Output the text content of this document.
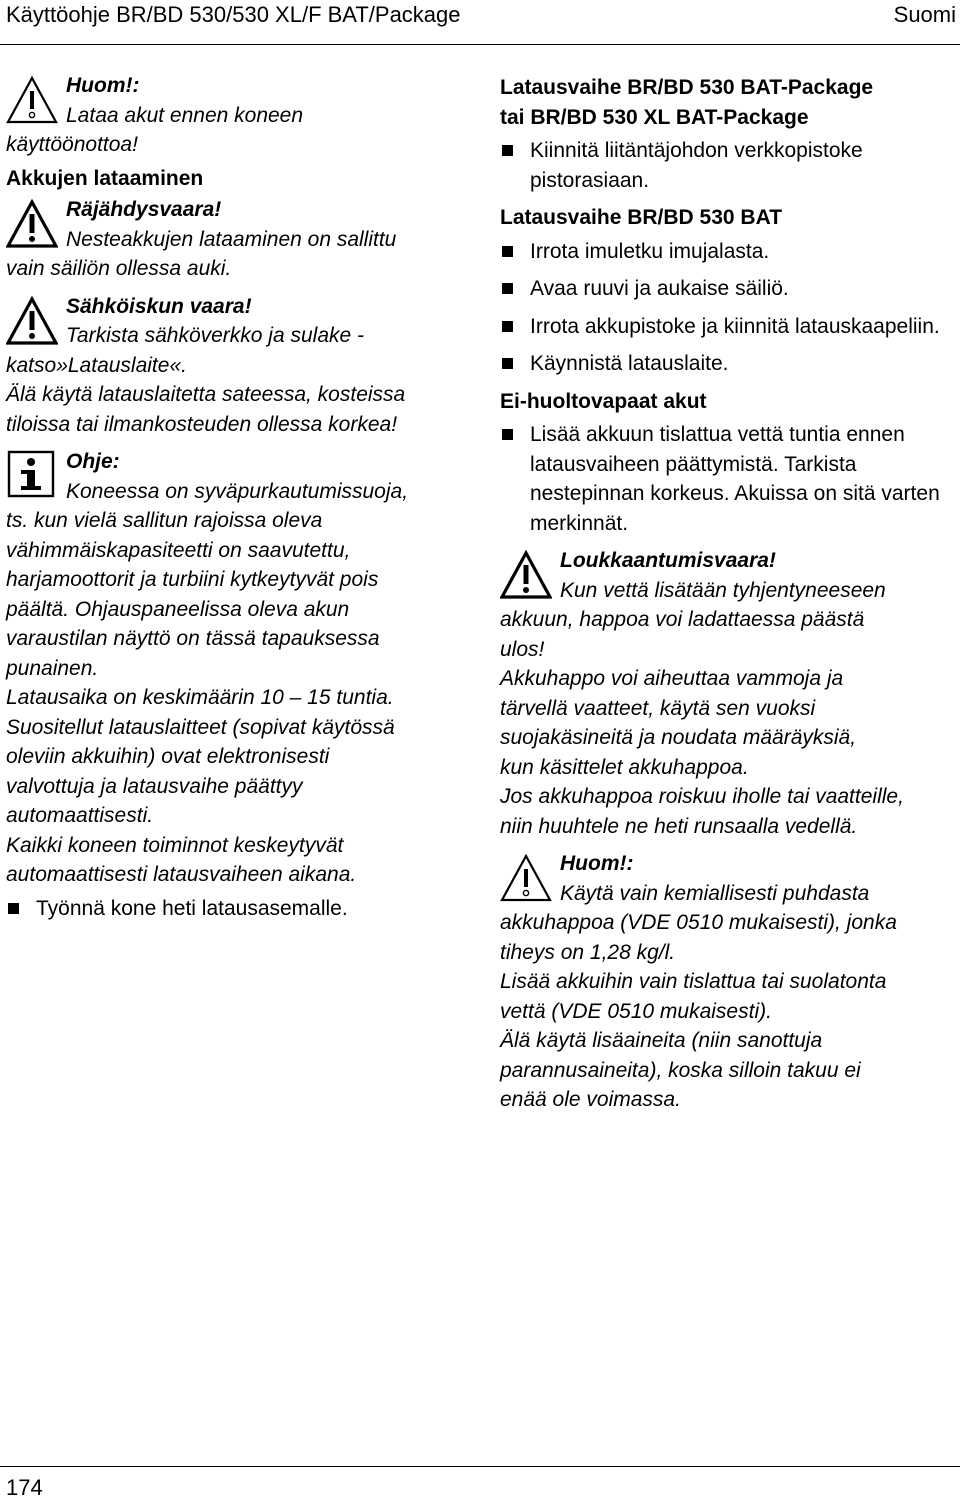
Käyttöohje BR/BD 530/530 XL/F BAT/Package	Suomi
Huom!:
Lataa akut ennen koneen
käyttöönottoa!
Akkujen lataaminen
Räjähdysvaara!
Nesteakkujen lataaminen on sallittu
vain säiliön ollessa auki.
Sähköiskun vaara!
Tarkista sähköverkko ja sulake -
katso»Latauslaite«.
Älä käytä latauslaitetta sateessa, kosteissa
tiloissa tai ilmankosteuden ollessa korkea!
Ohje:
Koneessa on syväpurkautumissuoja,
ts. kun vielä sallitun rajoissa oleva
vähimmäiskapasiteetti on saavutettu,
harjamoottorit ja turbiini kytkeytyvät pois
päältä. Ohjauspaneelissa oleva akun
varaustilan näyttö on tässä tapauksessa
punainen.
Latausaika on keskimäärin 10 – 15 tuntia.
Suositellut latauslaitteet (sopivat käytössä
oleviin akkuihin) ovat elektronisesti
valvottuja ja latausvaihe päättyy
automaattisesti.
Kaikki koneen toiminnot keskeytyvät
automaattisesti latausvaiheen aikana.
Työnnä kone heti latausasemalle.
Latausvaihe BR/BD 530 BAT-Package
tai BR/BD 530 XL BAT-Package
Kiinnitä liitäntäjohdon verkkopistoke pistorasiaan.
Latausvaihe BR/BD 530 BAT
Irrota imuletku imujalasta.
Avaa ruuvi ja aukaise säiliö.
Irrota akkupistoke ja kiinnitä latauskaapeliin.
Käynnistä latauslaite.
Ei-huoltovapaat akut
Lisää akkuun tislattua vettä tuntia ennen latausvaiheen päättymistä. Tarkista nestepinnan korkeus. Akuissa on sitä varten merkinnät.
Loukkaantumisvaara!
Kun vettä lisätään tyhjentyneeseen
akkuun, happoa voi ladattaessa päästä
ulos!
Akkuhappo voi aiheuttaa vammoja ja
tärvellä vaatteet, käytä sen vuoksi
suojakäsineitä ja noudata määräyksiä,
kun käsittelet akkuhappoa.
Jos akkuhappoa roiskuu iholle tai vaatteille,
niin huuhtele ne heti runsaalla vedellä.
Huom!:
Käytä vain kemiallisesti puhdasta
akkuhappoa (VDE 0510 mukaisesti), jonka
tiheys on 1,28 kg/l.
Lisää akkuihin vain tislattua tai suolatonta
vettä (VDE 0510 mukaisesti).
Älä käytä lisäaineita (niin sanottuja
parannusaineita), koska silloin takuu ei
enää ole voimassa.
174
